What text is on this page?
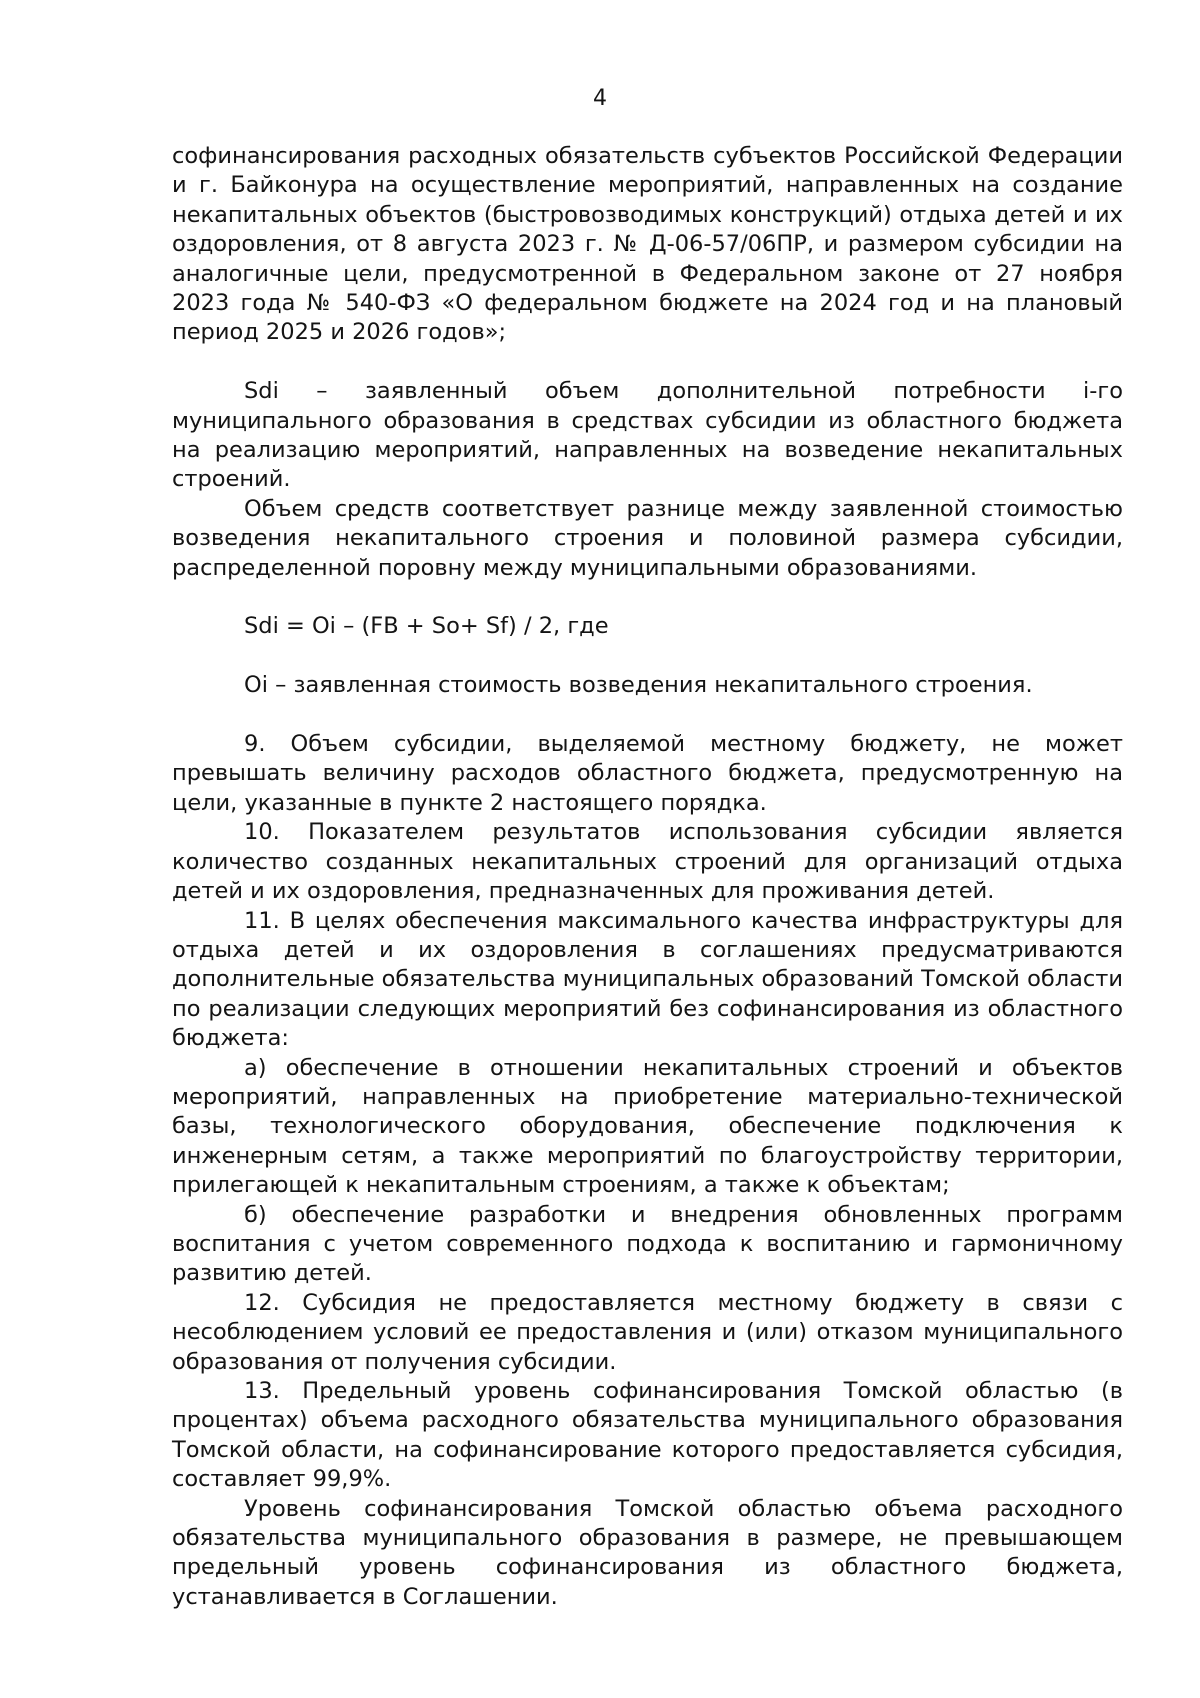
4

софинансирования расходных обязательств субъектов Российской Федерации и г. Байконура на осуществление мероприятий, направленных на создание некапитальных объектов (быстровозводимых конструкций) отдыха детей и их оздоровления, от 8 августа 2023 г. № Д-06-57/06ПР, и размером субсидии на аналогичные цели, предусмотренной в Федеральном законе от 27 ноября 2023 года № 540-ФЗ «О федеральном бюджете на 2024 год и на плановый период 2025 и 2026 годов»;

Sdi – заявленный объем дополнительной потребности i-го муниципального образования в средствах субсидии из областного бюджета на реализацию мероприятий, направленных на возведение некапитальных строений.

Объем средств соответствует разнице между заявленной стоимостью возведения некапитального строения и половиной размера субсидии, распределенной поровну между муниципальными образованиями.

Sdi = Oi – (FB + So+ Sf) / 2, где

Oi – заявленная стоимость возведения некапитального строения.

9. Объем субсидии, выделяемой местному бюджету, не может превышать величину расходов областного бюджета, предусмотренную на цели, указанные в пункте 2 настоящего порядка.

10. Показателем результатов использования субсидии является количество созданных некапитальных строений для организаций отдыха детей и их оздоровления, предназначенных для проживания детей.

11. В целях обеспечения максимального качества инфраструктуры для отдыха детей и их оздоровления в соглашениях предусматриваются дополнительные обязательства муниципальных образований Томской области по реализации следующих мероприятий без софинансирования из областного бюджета:

а) обеспечение в отношении некапитальных строений и объектов мероприятий, направленных на приобретение материально-технической базы, технологического оборудования, обеспечение подключения к инженерным сетям, а также мероприятий по благоустройству территории, прилегающей к некапитальным строениям, а также к объектам;

б) обеспечение разработки и внедрения обновленных программ воспитания с учетом современного подхода к воспитанию и гармоничному развитию детей.

12. Субсидия не предоставляется местному бюджету в связи с несоблюдением условий ее предоставления и (или) отказом муниципального образования от получения субсидии.

13. Предельный уровень софинансирования Томской областью (в процентах) объема расходного обязательства муниципального образования Томской области, на софинансирование которого предоставляется субсидия, составляет 99,9%.

Уровень софинансирования Томской областью объема расходного обязательства муниципального образования в размере, не превышающем предельный уровень софинансирования из областного бюджета, устанавливается в Соглашении.
